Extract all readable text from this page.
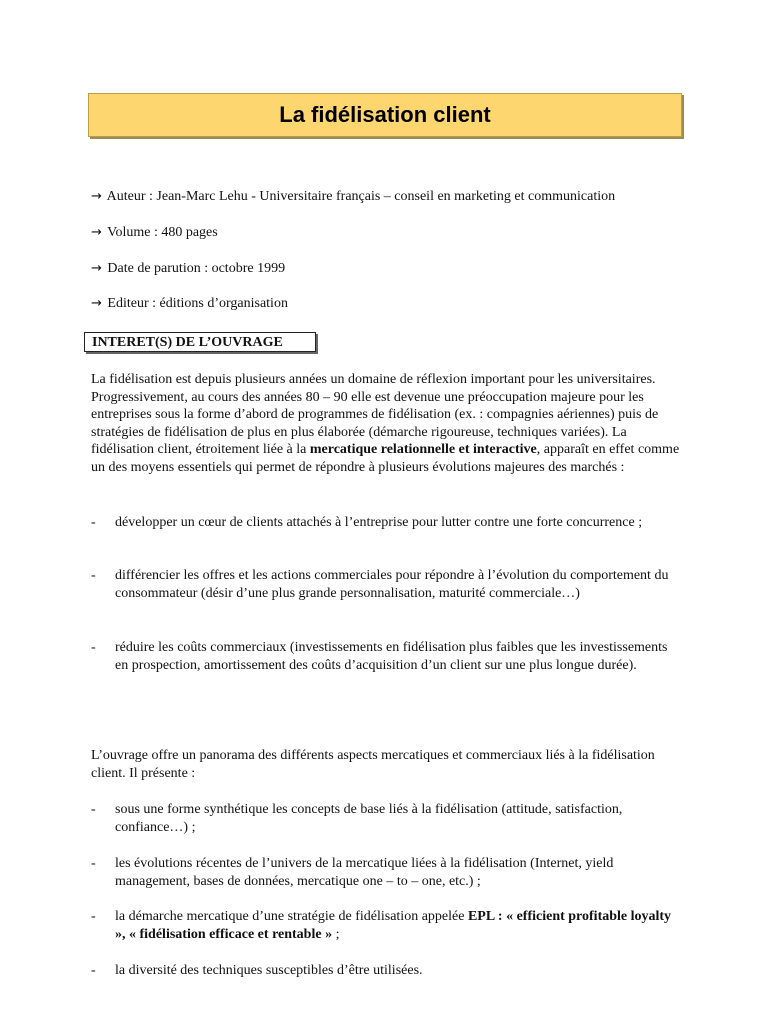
La fidélisation client
→ Auteur : Jean-Marc Lehu - Universitaire français – conseil en marketing et communication
→ Volume : 480 pages
→ Date de parution : octobre 1999
→ Editeur : éditions d’organisation
INTERET(S) DE L’OUVRAGE
La fidélisation est depuis plusieurs années un domaine de réflexion important pour les universitaires. Progressivement, au cours des années 80 – 90 elle est devenue une préoccupation majeure pour les entreprises sous la forme d’abord de programmes de fidélisation (ex. : compagnies aériennes) puis de stratégies de fidélisation de plus en plus élaborée (démarche rigoureuse, techniques variées). La fidélisation client, étroitement liée à la mercatique relationnelle et interactive, apparaît en effet comme un des moyens essentiels qui permet de répondre à plusieurs évolutions majeures des marchés :
- développer un cœur de clients attachés à l’entreprise pour lutter contre une forte concurrence ;
- différencier les offres et les actions commerciales pour répondre à l’évolution du comportement du consommateur (désir d’une plus grande personnalisation, maturité commerciale…)
- réduire les coûts commerciaux (investissements en fidélisation plus faibles que les investissements en prospection, amortissement des coûts d’acquisition d’un client sur une plus longue durée).
L’ouvrage offre un panorama des différents aspects mercatiques et commerciaux liés à la fidélisation client. Il présente :
- sous une forme synthétique les concepts de base liés à la fidélisation (attitude, satisfaction, confiance…) ;
- les évolutions récentes de l’univers de la mercatique liées à la fidélisation (Internet, yield management, bases de données, mercatique one – to – one, etc.) ;
- la démarche mercatique d’une stratégie de fidélisation appelée EPL : « efficient profitable loyalty », « fidélisation efficace et rentable » ;
- la diversité des techniques susceptibles d’être utilisées.
